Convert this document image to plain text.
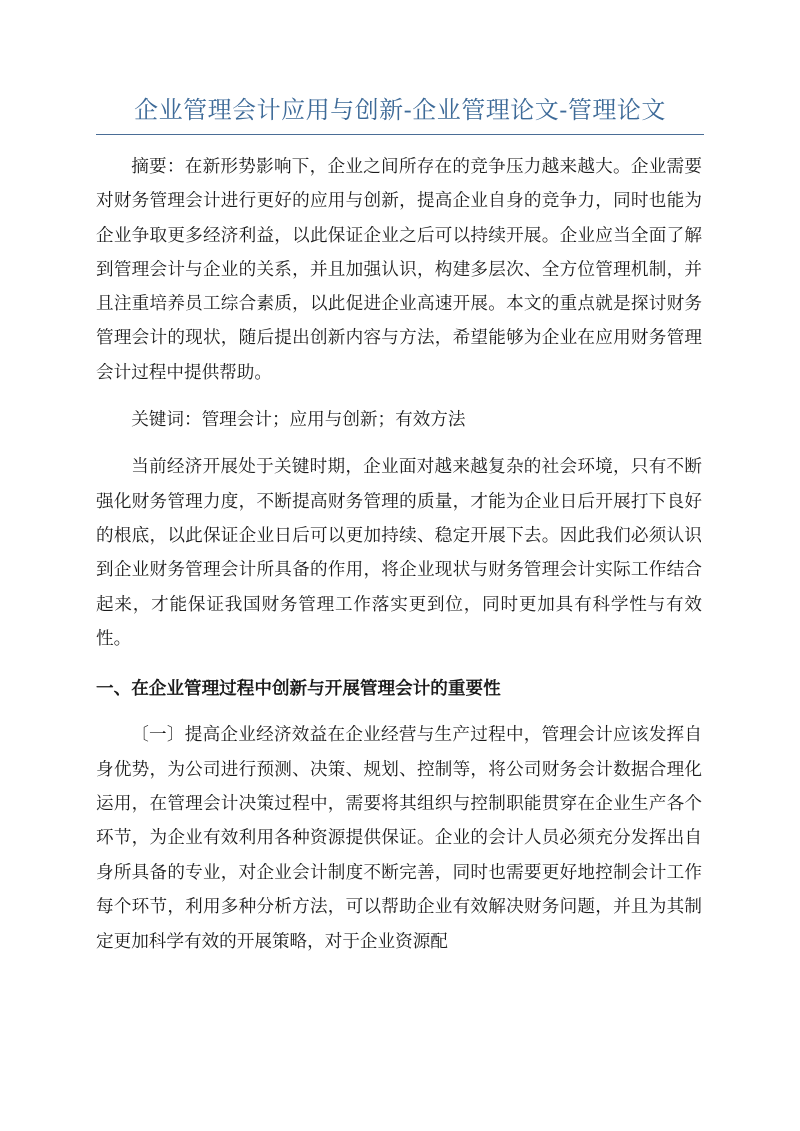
企业管理会计应用与创新-企业管理论文-管理论文

摘要：在新形势影响下，企业之间所存在的竞争压力越来越大。企业需要对财务管理会计进行更好的应用与创新，提高企业自身的竞争力，同时也能为企业争取更多经济利益，以此保证企业之后可以持续开展。企业应当全面了解到管理会计与企业的关系，并且加强认识，构建多层次、全方位管理机制，并且注重培养员工综合素质，以此促进企业高速开展。本文的重点就是探讨财务管理会计的现状，随后提出创新内容与方法，希望能够为企业在应用财务管理会计过程中提供帮助。

关键词：管理会计；应用与创新；有效方法

当前经济开展处于关键时期，企业面对越来越复杂的社会环境，只有不断强化财务管理力度，不断提高财务管理的质量，才能为企业日后开展打下良好的根底，以此保证企业日后可以更加持续、稳定开展下去。因此我们必须认识到企业财务管理会计所具备的作用，将企业现状与财务管理会计实际工作结合起来，才能保证我国财务管理工作落实更到位，同时更加具有科学性与有效性。

一、在企业管理过程中创新与开展管理会计的重要性

〔一〕提高企业经济效益在企业经营与生产过程中，管理会计应该发挥自身优势，为公司进行预测、决策、规划、控制等，将公司财务会计数据合理化运用，在管理会计决策过程中，需要将其组织与控制职能贯穿在企业生产各个环节，为企业有效利用各种资源提供保证。企业的会计人员必须充分发挥出自身所具备的专业，对企业会计制度不断完善，同时也需要更好地控制会计工作每个环节，利用多种分析方法，可以帮助企业有效解决财务问题，并且为其制定更加科学有效的开展策略，对于企业资源配
